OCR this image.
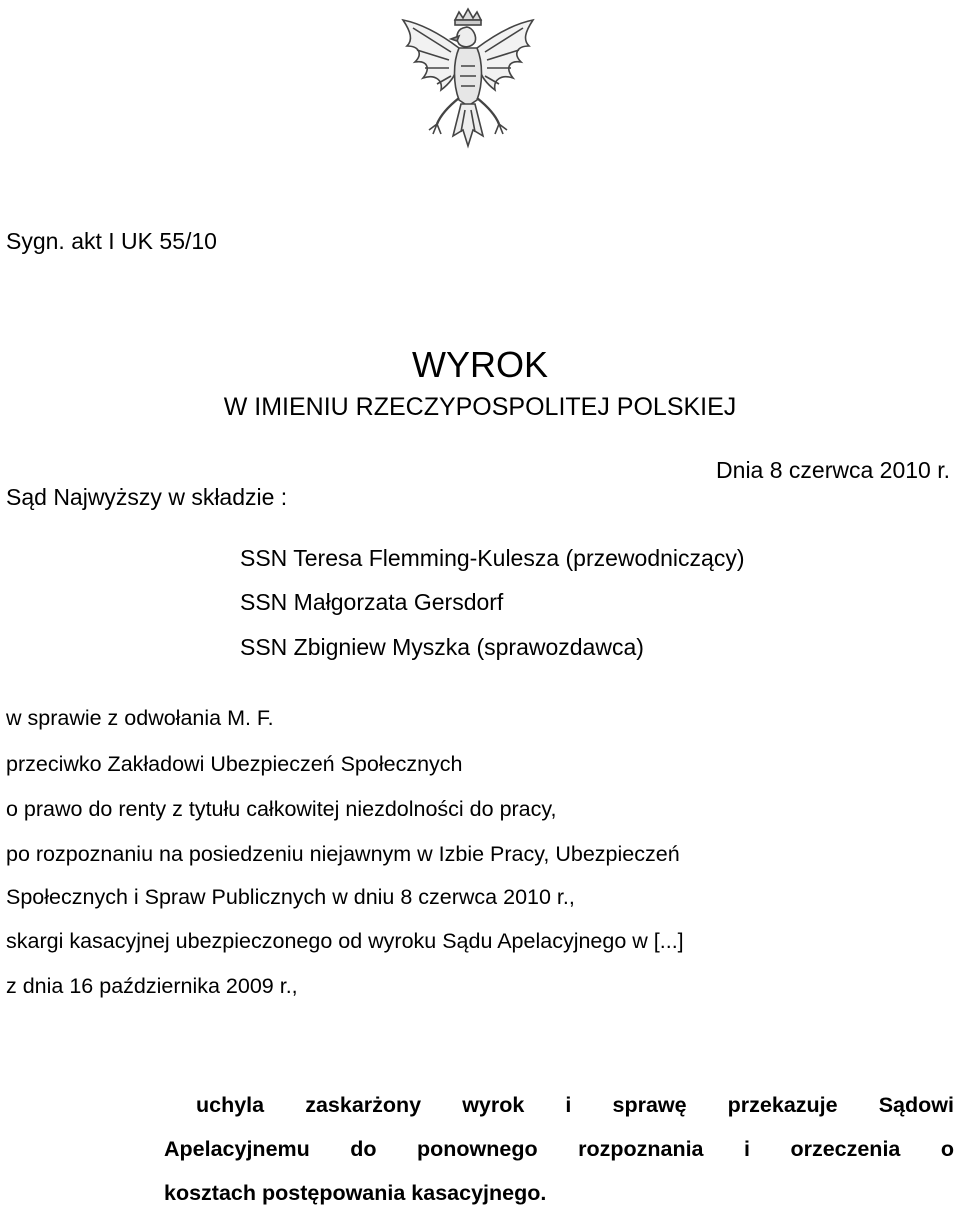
Sygn. akt I UK 55/10

WYROK

W IMIENIU RZECZYPOSPOLITEJ POLSKIEJ

Dnia 8 czerwca 2010 r.

Sąd Najwyższy w składzie :

SSN Teresa Flemming-Kulesza (przewodniczący)

SSN Małgorzata Gersdorf

SSN Zbigniew Myszka (sprawozdawca)

w sprawie z odwołania M. F.

przeciwko Zakładowi Ubezpieczeń Społecznych

o prawo do renty z tytułu całkowitej niezdolności do pracy,

po rozpoznaniu na posiedzeniu niejawnym w Izbie Pracy, Ubezpieczeń

Społecznych i Spraw Publicznych w dniu 8 czerwca 2010 r.,

skargi kasacyjnej ubezpieczonego od wyroku Sądu Apelacyjnego w [...]

z dnia 16 października 2009 r.,

uchyla zaskarżony wyrok i sprawę przekazuje Sądowi
Apelacyjnemu do ponownego rozpoznania i orzeczenia o

kosztach postępowania kasacyjnego.
